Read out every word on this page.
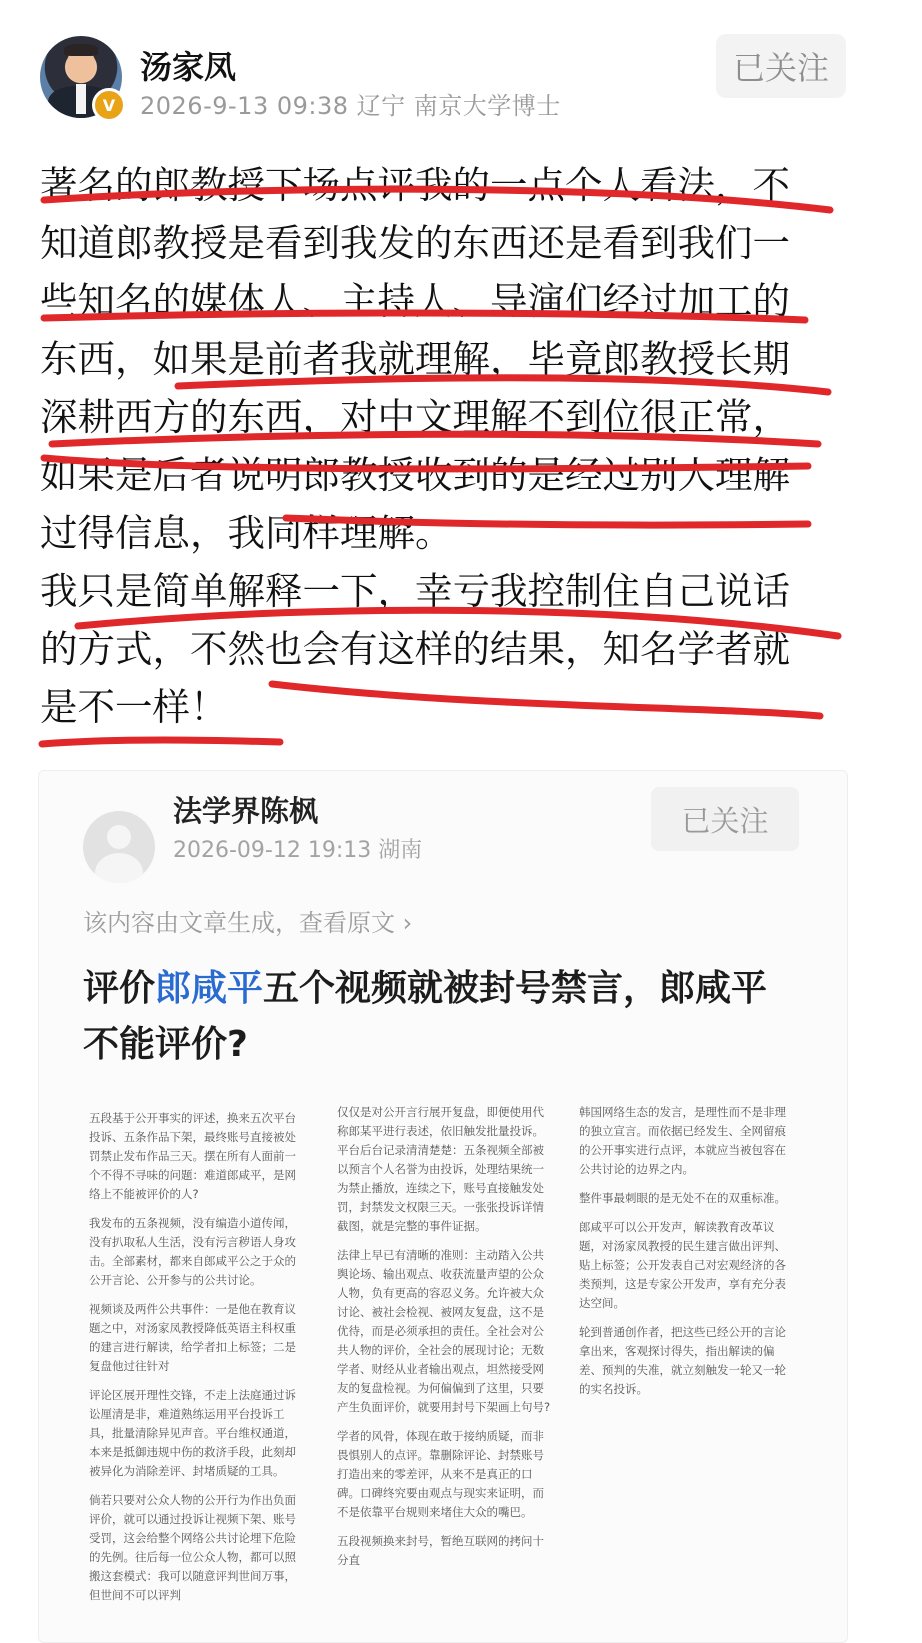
V
汤家凤
2026-9-13 09:38 辽宁 南京大学博士
已关注

著名的郎教授下场点评我的一点个人看法，不

知道郎教授是看到我发的东西还是看到我们一

些知名的媒体人、主持人、导演们经过加工的

东西，如果是前者我就理解，毕竟郎教授长期

深耕西方的东西，对中文理解不到位很正常，

如果是后者说明郎教授收到的是经过别人理解

过得信息，我同样理解。

我只是简单解释一下，幸亏我控制住自己说话

的方式，不然也会有这样的结果，知名学者就

是不一样！

法学界陈枫
2026-09-12 19:13 湖南
已关注
该内容由文章生成，查看原文 ›
评价郎咸平五个视频就被封号禁言，郎咸平不能评价?

五段基于公开事实的评述，换来五次平台投诉、五条作品下架，最终账号直接被处罚禁止发布作品三天。摆在所有人面前一个不得不寻味的问题：难道郎咸平，是网络上不能被评价的人?

我发布的五条视频，没有编造小道传闻，没有扒取私人生活，没有污言秽语人身攻击。全部素材，都来自郎咸平公之于众的公开言论、公开参与的公共讨论。

视频谈及两件公共事件：一是他在教育议题之中，对汤家凤教授降低英语主科权重的建言进行解读，给学者扣上标签；二是复盘他过往针对

评论区展开理性交锋，不走上法庭通过诉讼厘清是非，难道熟练运用平台投诉工具，批量清除异见声音。平台维权通道，本来是抵御违规中伤的救济手段，此刻却被异化为消除差评、封堵质疑的工具。

倘若只要对公众人物的公开行为作出负面评价，就可以通过投诉让视频下架、账号受罚，这会给整个网络公共讨论埋下危险的先例。往后每一位公众人物，都可以照搬这套模式：我可以随意评判世间万事，但世间不可以评判

仅仅是对公开言行展开复盘，即便使用代称郎某平进行表述，依旧触发批量投诉。平台后台记录清清楚楚：五条视频全部被以预言个人名誉为由投诉，处理结果统一为禁止播放，连续之下，账号直接触发处罚，封禁发文权限三天。一张张投诉详情截图，就是完整的事件证据。

法律上早已有清晰的准则：主动踏入公共舆论场、输出观点、收获流量声望的公众人物，负有更高的容忍义务。允许被大众讨论、被社会检视、被网友复盘，这不是优待，而是必须承担的责任。全社会对公共人物的评价，全社会的展现讨论；无数学者、财经从业者输出观点，坦然接受网友的复盘检视。为何偏偏到了这里，只要产生负面评价，就要用封号下架画上句号?

学者的风骨，体现在敢于接纳质疑，而非畏惧别人的点评。靠删除评论、封禁账号打造出来的零差评，从来不是真正的口碑。口碑终究要由观点与现实来证明，而不是依靠平台规则来堵住大众的嘴巴。

五段视频换来封号，暂绝互联网的拷问十分直

韩国网络生态的发言，是理性而不是非理的独立宣言。而依据已经发生、全网留痕的公开事实进行点评，本就应当被包容在公共讨论的边界之内。

整件事最刺眼的是无处不在的双重标准。

郎咸平可以公开发声，解读教育改革议题，对汤家凤教授的民生建言做出评判、贴上标签；公开发表自己对宏观经济的各类预判，这是专家公开发声，享有充分表达空间。

轮到普通创作者，把这些已经公开的言论拿出来，客观探讨得失，指出解读的偏差、预判的失准，就立刻触发一轮又一轮的实名投诉。
